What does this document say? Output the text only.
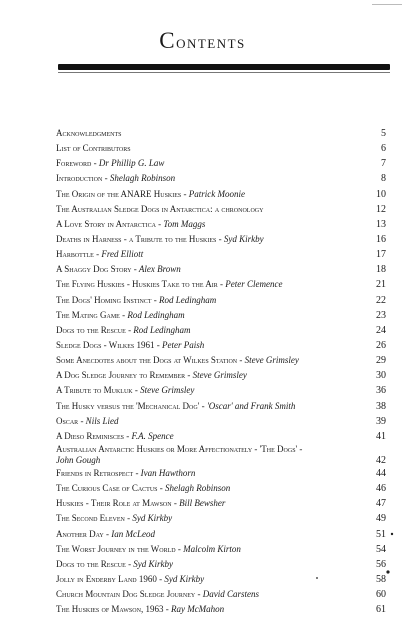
Contents
Acknowledgments	5
List of Contributors	6
Foreword - Dr Phillip G. Law	7
Introduction - Shelagh Robinson	8
The Origin of the ANARE Huskies - Patrick Moonie	10
The Australian Sledge Dogs in Antarctica: a chronology	12
A Love Story in Antarctica - Tom Maggs	13
Deaths in Harness - a Tribute to the Huskies - Syd Kirkby	16
Harbottle - Fred Elliott	17
A Shaggy Dog Story - Alex Brown	18
The Flying Huskies - Huskies Take to the Air - Peter Clemence	21
The Dogs' Homing Instinct - Rod Ledingham	22
The Mating Game - Rod Ledingham	23
Dogs to the Rescue - Rod Ledingham	24
Sledge Dogs - Wilkes 1961 - Peter Paish	26
Some Anecdotes about the Dogs at Wilkes Station - Steve Grimsley	29
A Dog Sledge Journey to Remember - Steve Grimsley	30
A Tribute to Mukluk - Steve Grimsley	36
The Husky versus the 'Mechanical Dog' - 'Oscar' and Frank Smith	38
Oscar - Nils Lied	39
A Dieso Reminisces - F.A. Spence	41
Australian Antarctic Huskies or More Affectionately - 'The Dogs' -
John Gough	42
Friends in Retrospect - Ivan Hawthorn	44
The Curious Case of Cactus - Shelagh Robinson	46
Huskies - Their Role at Mawson - Bill Bewsher	47
The Second Eleven - Syd Kirkby	49
Another Day - Ian McLeod	51
The Worst Journey in the World - Malcolm Kirton	54
Dogs to the Rescue - Syd Kirkby	56
Jolly in Enderby Land 1960 - Syd Kirkby	58
Church Mountain Dog Sledge Journey - David Carstens	60
The Huskies of Mawson, 1963 - Ray McMahon	61
